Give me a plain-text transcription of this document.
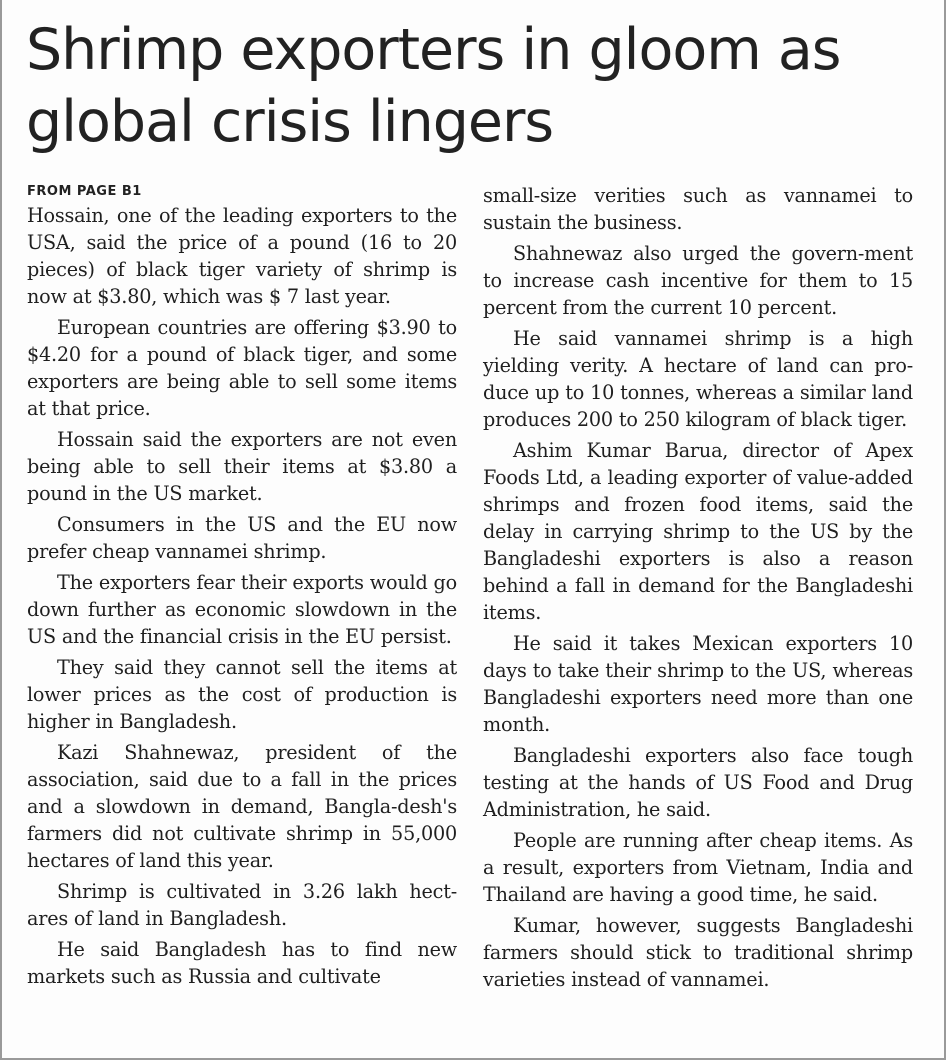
Shrimp exporters in gloom as global crisis lingers

FROM PAGE B1

Hossain, one of the leading exporters to the USA, said the price of a pound (16 to 20 pieces) of black tiger variety of shrimp is now at $3.80, which was $ 7 last year.

European countries are offering $3.90 to $4.20 for a pound of black tiger, and some exporters are being able to sell some items at that price.

Hossain said the exporters are not even being able to sell their items at $3.80 a pound in the US market.

Consumers in the US and the EU now prefer cheap vannamei shrimp.

The exporters fear their exports would go down further as economic slowdown in the US and the financial crisis in the EU persist.

They said they cannot sell the items at lower prices as the cost of production is higher in Bangladesh.

Kazi Shahnewaz, president of the association, said due to a fall in the prices and a slowdown in demand, Bangla-desh's farmers did not cultivate shrimp in 55,000 hectares of land this year.

Shrimp is cultivated in 3.26 lakh hect-ares of land in Bangladesh.

He said Bangladesh has to find new markets such as Russia and cultivate

small-size verities such as vannamei to sustain the business.

Shahnewaz also urged the govern-ment to increase cash incentive for them to 15 percent from the current 10 percent.

He said vannamei shrimp is a high yielding verity. A hectare of land can pro-duce up to 10 tonnes, whereas a similar land produces 200 to 250 kilogram of black tiger.

Ashim Kumar Barua, director of Apex Foods Ltd, a leading exporter of value-added shrimps and frozen food items, said the delay in carrying shrimp to the US by the Bangladeshi exporters is also a reason behind a fall in demand for the Bangladeshi items.

He said it takes Mexican exporters 10 days to take their shrimp to the US, whereas Bangladeshi exporters need more than one month.

Bangladeshi exporters also face tough testing at the hands of US Food and Drug Administration, he said.

People are running after cheap items. As a result, exporters from Vietnam, India and Thailand are having a good time, he said.

Kumar, however, suggests Bangladeshi farmers should stick to traditional shrimp varieties instead of vannamei.
